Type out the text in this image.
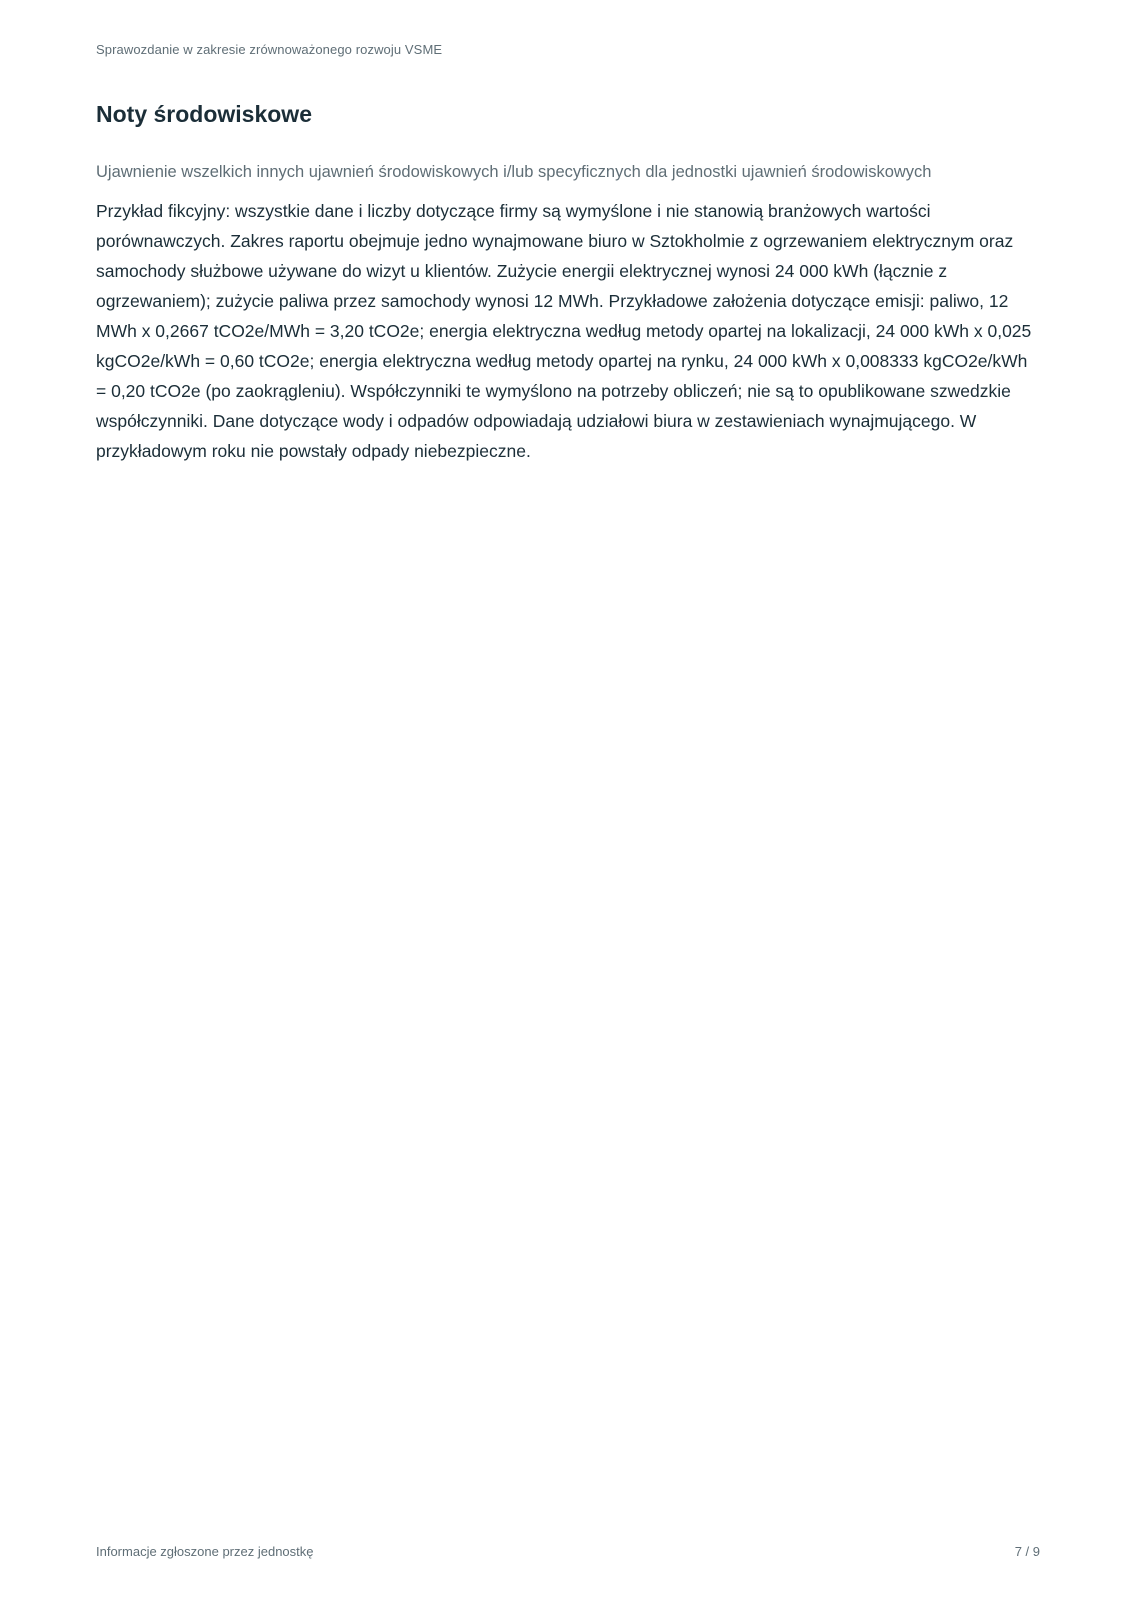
Sprawozdanie w zakresie zrównoważonego rozwoju VSME
Noty środowiskowe
Ujawnienie wszelkich innych ujawnień środowiskowych i/lub specyficznych dla jednostki ujawnień środowiskowych

Przykład fikcyjny: wszystkie dane i liczby dotyczące firmy są wymyślone i nie stanowią branżowych wartości porównawczych. Zakres raportu obejmuje jedno wynajmowane biuro w Sztokholmie z ogrzewaniem elektrycznym oraz samochody służbowe używane do wizyt u klientów. Zużycie energii elektrycznej wynosi 24 000 kWh (łącznie z ogrzewaniem); zużycie paliwa przez samochody wynosi 12 MWh. Przykładowe założenia dotyczące emisji: paliwo, 12 MWh x 0,2667 tCO2e/MWh = 3,20 tCO2e; energia elektryczna według metody opartej na lokalizacji, 24 000 kWh x 0,025 kgCO2e/kWh = 0,60 tCO2e; energia elektryczna według metody opartej na rynku, 24 000 kWh x 0,008333 kgCO2e/kWh = 0,20 tCO2e (po zaokrągleniu). Współczynniki te wymyślono na potrzeby obliczeń; nie są to opublikowane szwedzkie współczynniki. Dane dotyczące wody i odpadów odpowiadają udziałowi biura w zestawieniach wynajmującego. W przykładowym roku nie powstały odpady niebezpieczne.

Informacje zgłoszone przez jednostkę	7 / 9
